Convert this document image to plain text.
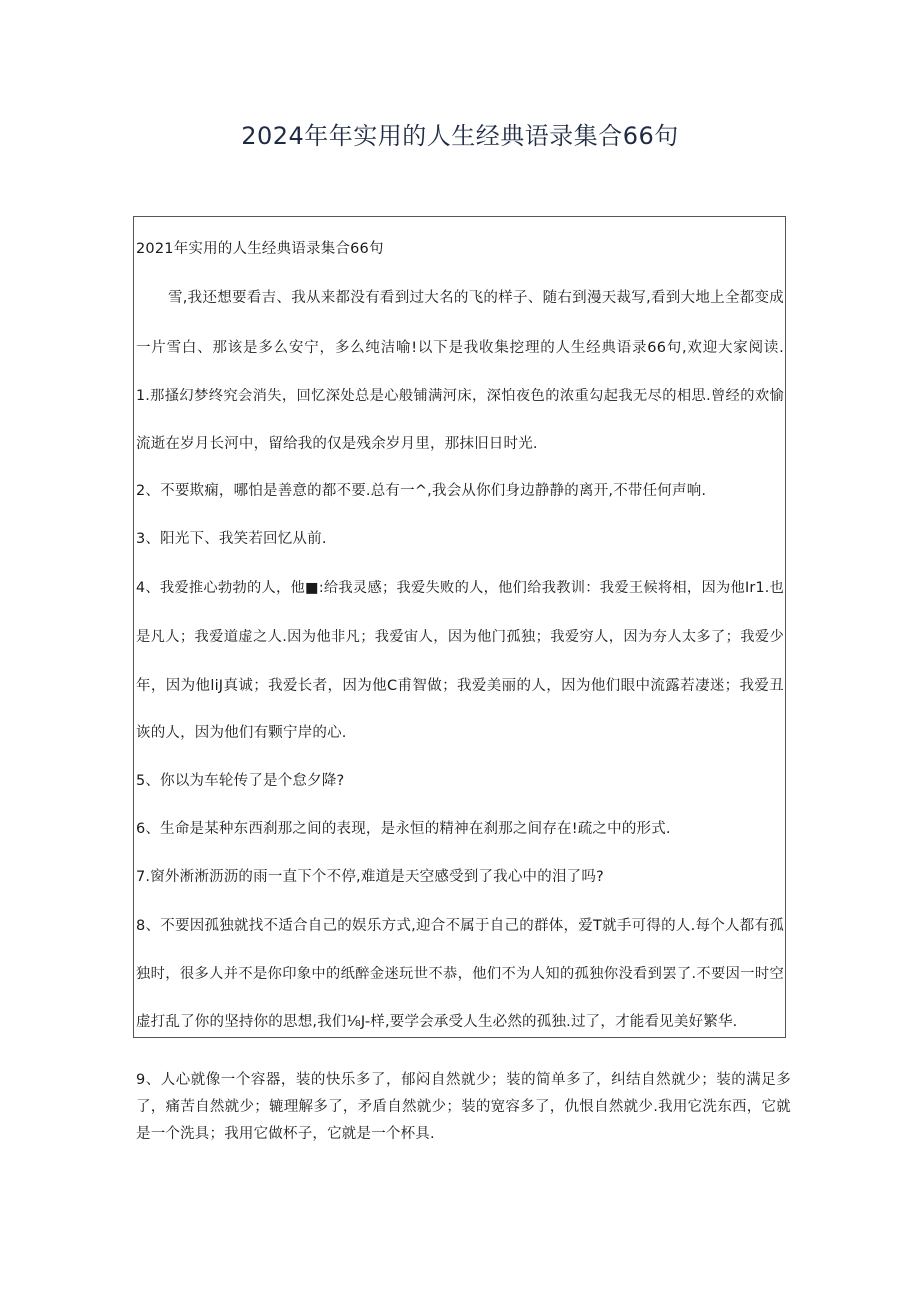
2024年年实用的人生经典语录集合66句
2021年实用的人生经典语录集合66句
雪,我还想要看吉、我从来都没有看到过大名的飞的样子、随右到漫天裁写,看到大地上全都变成
一片雪白、那该是多么安宁，多么纯洁喻!以下是我收集挖理的人生经典语录66句,欢迎大家阅读.
1.那搔幻梦终究会消失，回忆深处总是心般铺满河床，深怕夜色的浓重勾起我无尽的相思.曾经的欢愉
流逝在岁月长河中，留给我的仅是残余岁月里，那抹旧日时光.
2、不要欺痫，哪怕是善意的都不要.总有一^,我会从你们身边静静的离开,不带任何声响.
3、阳光下、我笑若回忆从前.
4、我爱推心勃勃的人，他■:给我灵感；我爱失败的人，他们给我教训：我爱王候将相，因为他Ir1.也
是凡人；我爱道虚之人.因为他非凡；我爱宙人，因为他门孤独；我爱穷人，因为夯人太多了；我爱少
年，因为他liJ真诚；我爱长者，因为他C甫智做；我爱美丽的人，因为他们眼中流露若凄迷；我爱丑
诙的人，因为他们有颗宁岸的心.
5、你以为车轮传了是个怠夕降?
6、生命是某种东西刹那之间的表现，是永恒的精神在刹那之间存在!疏之中的形式.
7.窗外淅淅沥沥的雨一直下个不停,难道是天空感受到了我心中的泪了吗?
8、不要因孤独就找不适合自己的娱乐方式,迎合不属于自己的群体，爱T就手可得的人.每个人都有孤
独时，很多人并不是你印象中的纸醉金迷玩世不恭，他们不为人知的孤独你没看到罢了.不要因一时空
虚打乱了你的坚持你的思想,我们⅛J-样,要学会承受人生必然的孤独.过了，才能看见美好繁华.
9、人心就像一个容器，装的快乐多了，郁闷自然就少；装的简单多了，纠结自然就少；装的满足多
了，痛苦自然就少；辘理解多了，矛盾自然就少；装的宽容多了，仇恨自然就少.我用它洗东西，它就
是一个洗具；我用它做杯子，它就是一个杯具.
